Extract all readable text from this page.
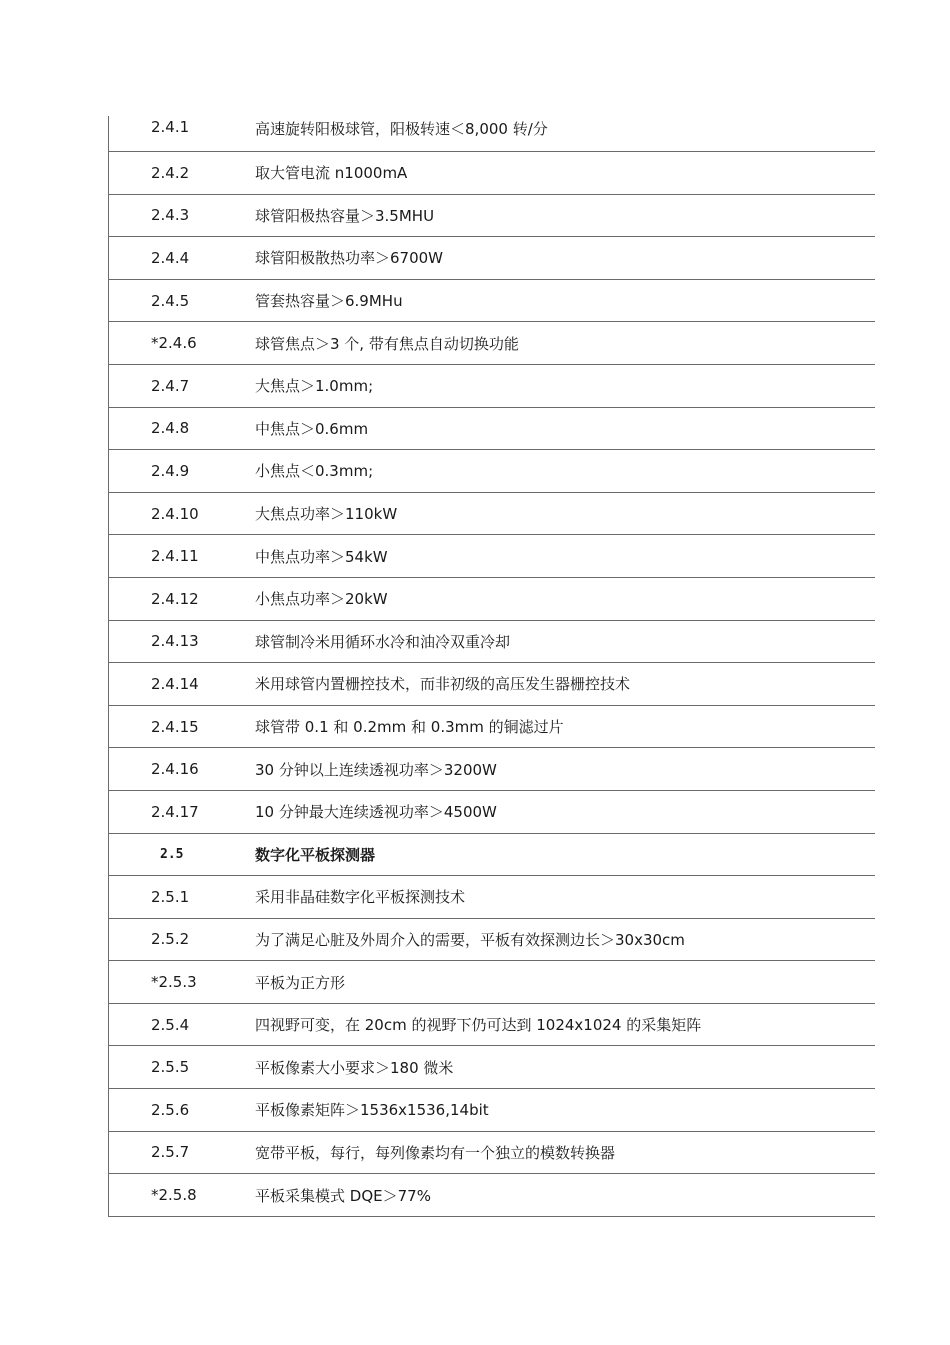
2.4.1	高速旋转阳极球管，阳极转速＜8,000 转/分
2.4.2	取大管电流 n1000mA
2.4.3	球管阳极热容量＞3.5MHU
2.4.4	球管阳极散热功率＞6700W
2.4.5	管套热容量＞6.9MHu
*2.4.6	球管焦点＞3 个, 带有焦点自动切换功能
2.4.7	大焦点＞1.0mm;
2.4.8	中焦点＞0.6mm
2.4.9	小焦点＜0.3mm;
2.4.10	大焦点功率＞110kW
2.4.11	中焦点功率＞54kW
2.4.12	小焦点功率＞20kW
2.4.13	球管制冷米用循环水冷和油冷双重冷却
2.4.14	米用球管内置栅控技术，而非初级的高压发生器栅控技术
2.4.15	球管带 0.1 和 0.2mm 和 0.3mm 的铜滤过片
2.4.16	30 分钟以上连续透视功率＞3200W
2.4.17	10 分钟最大连续透视功率＞4500W
2.5	数字化平板探测器
2.5.1	采用非晶硅数字化平板探测技术
2.5.2	为了满足心脏及外周介入的需要，平板有效探测边长＞30x30cm
*2.5.3	平板为正方形
2.5.4	四视野可变，在 20cm 的视野下仍可达到 1024x1024 的采集矩阵
2.5.5	平板像素大小要求＞180 微米
2.5.6	平板像素矩阵＞1536x1536,14bit
2.5.7	宽带平板，每行，每列像素均有一个独立的模数转换器
*2.5.8	平板采集模式 DQE＞77%
